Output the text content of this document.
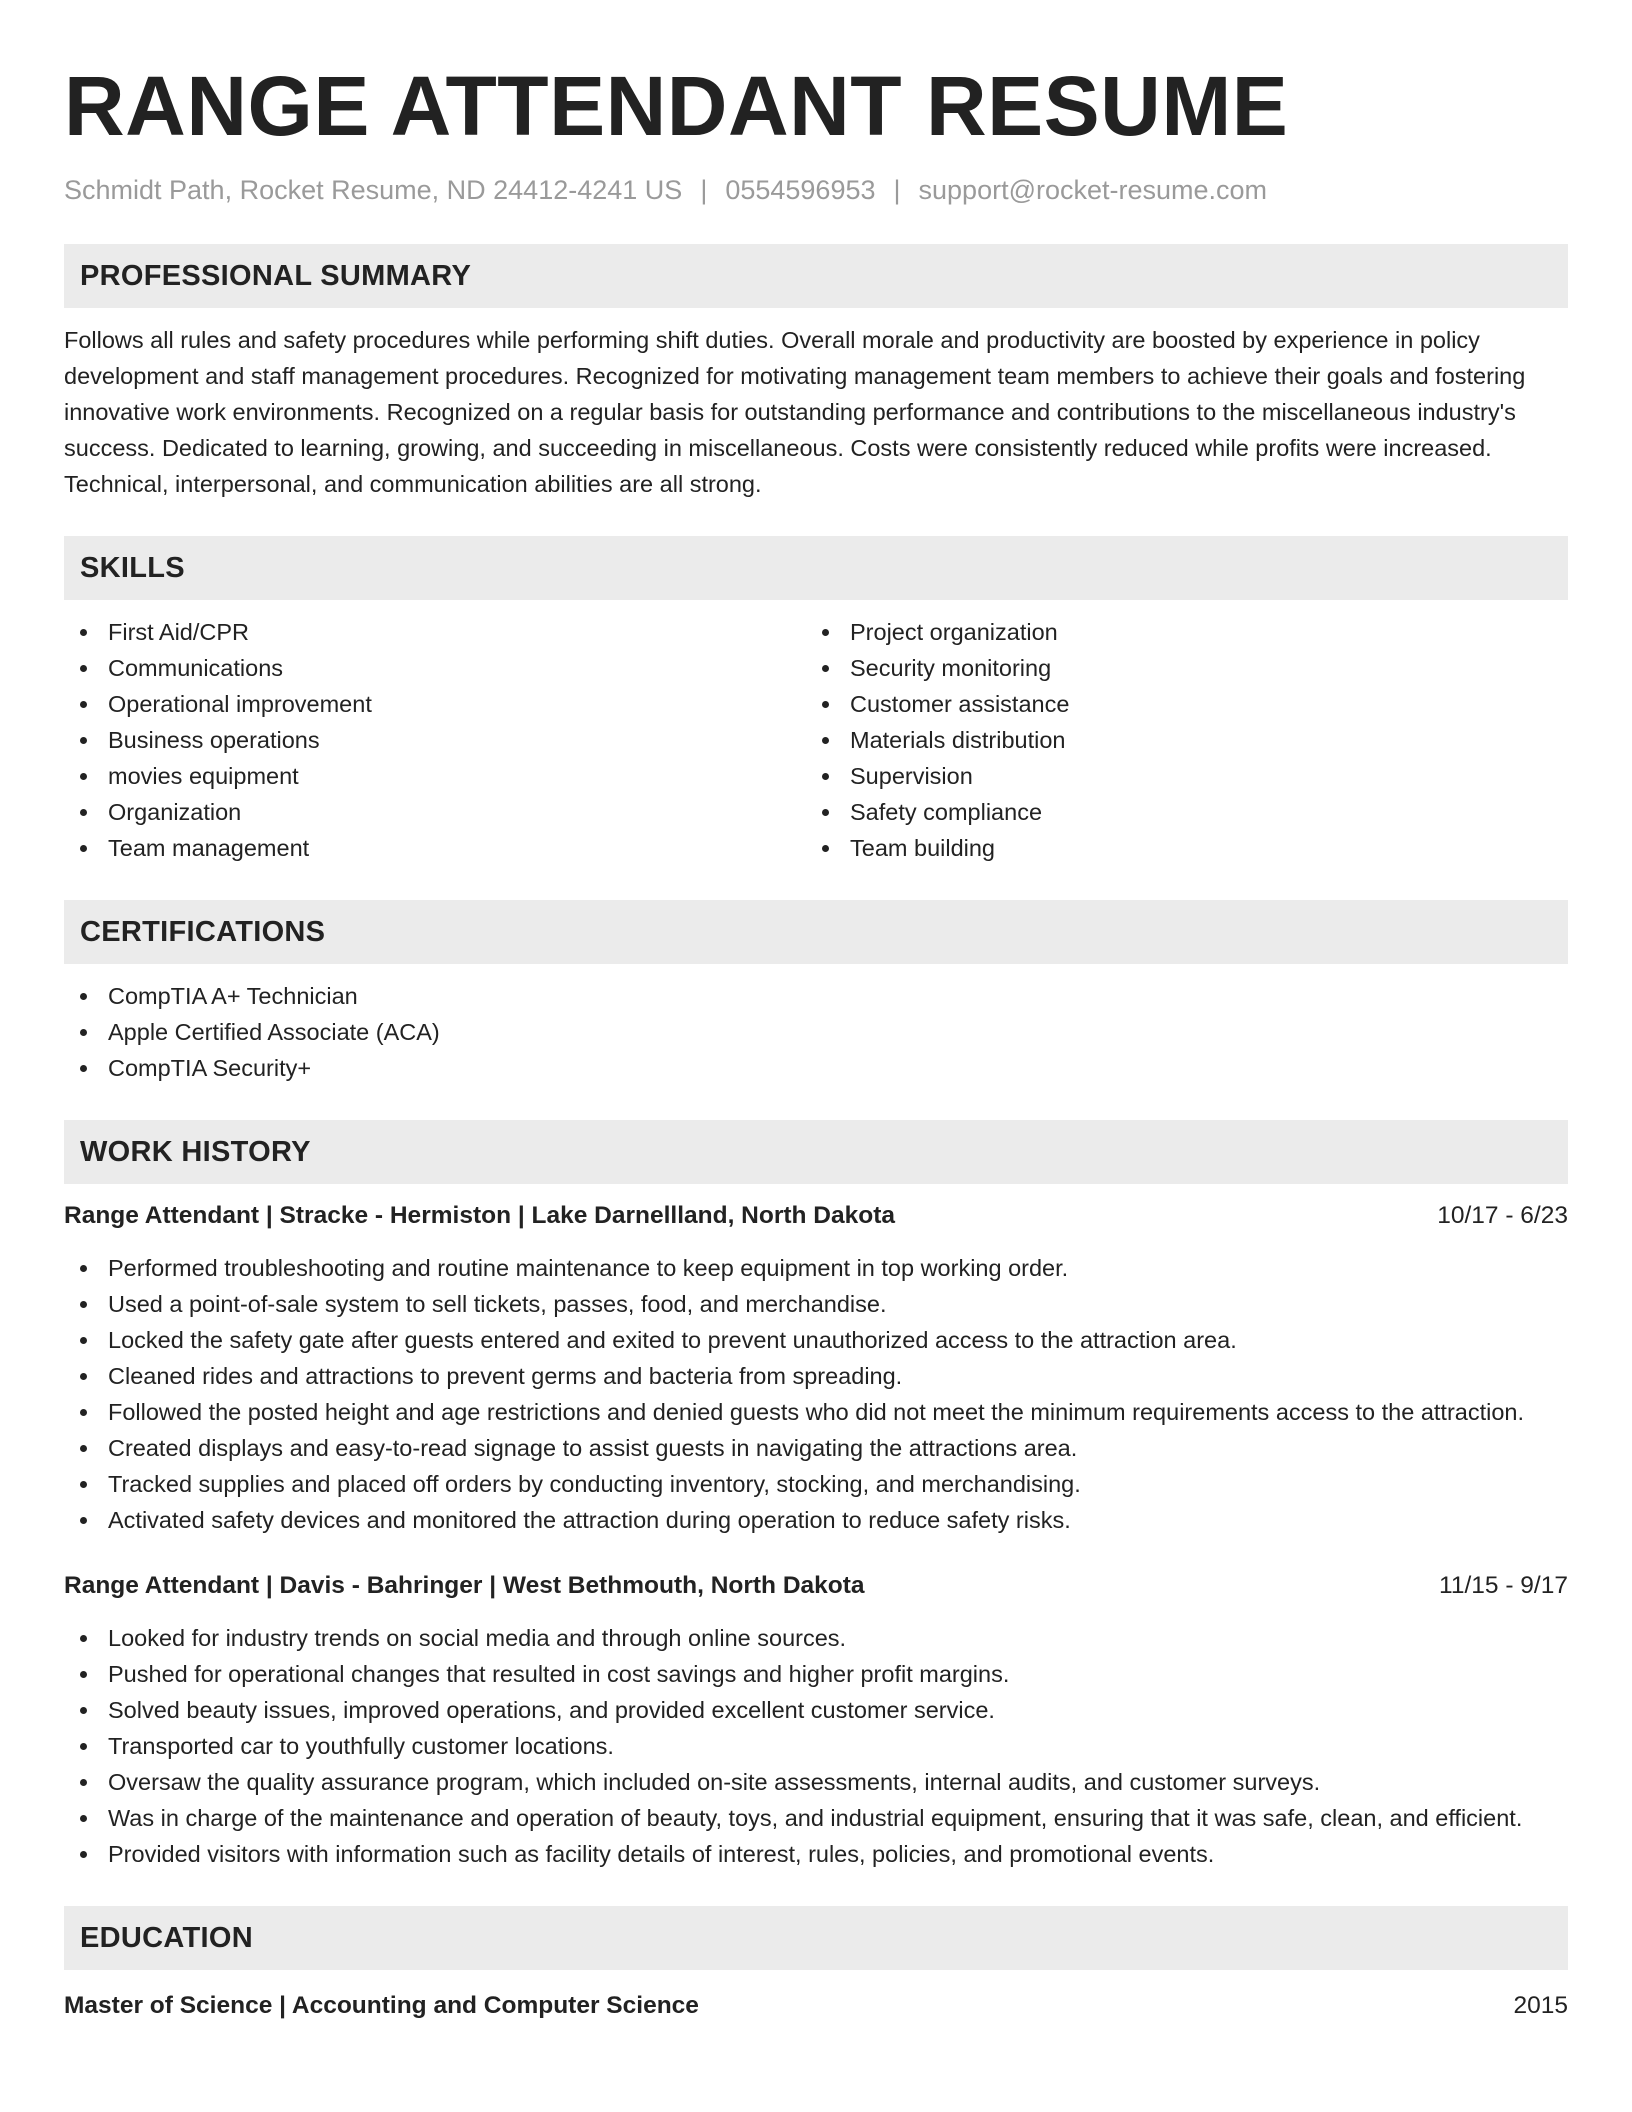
RANGE ATTENDANT RESUME
Schmidt Path, Rocket Resume, ND 24412-4241 US | 0554596953 | support@rocket-resume.com
PROFESSIONAL SUMMARY
Follows all rules and safety procedures while performing shift duties. Overall morale and productivity are boosted by experience in policy development and staff management procedures. Recognized for motivating management team members to achieve their goals and fostering innovative work environments. Recognized on a regular basis for outstanding performance and contributions to the miscellaneous industry's success. Dedicated to learning, growing, and succeeding in miscellaneous. Costs were consistently reduced while profits were increased. Technical, interpersonal, and communication abilities are all strong.
SKILLS
First Aid/CPR
Communications
Operational improvement
Business operations
movies equipment
Organization
Team management
Project organization
Security monitoring
Customer assistance
Materials distribution
Supervision
Safety compliance
Team building
CERTIFICATIONS
CompTIA A+ Technician
Apple Certified Associate (ACA)
CompTIA Security+
WORK HISTORY
Range Attendant | Stracke - Hermiston | Lake Darnellland, North Dakota	10/17 - 6/23
Performed troubleshooting and routine maintenance to keep equipment in top working order.
Used a point-of-sale system to sell tickets, passes, food, and merchandise.
Locked the safety gate after guests entered and exited to prevent unauthorized access to the attraction area.
Cleaned rides and attractions to prevent germs and bacteria from spreading.
Followed the posted height and age restrictions and denied guests who did not meet the minimum requirements access to the attraction.
Created displays and easy-to-read signage to assist guests in navigating the attractions area.
Tracked supplies and placed off orders by conducting inventory, stocking, and merchandising.
Activated safety devices and monitored the attraction during operation to reduce safety risks.
Range Attendant | Davis - Bahringer | West Bethmouth, North Dakota	11/15 - 9/17
Looked for industry trends on social media and through online sources.
Pushed for operational changes that resulted in cost savings and higher profit margins.
Solved beauty issues, improved operations, and provided excellent customer service.
Transported car to youthfully customer locations.
Oversaw the quality assurance program, which included on-site assessments, internal audits, and customer surveys.
Was in charge of the maintenance and operation of beauty, toys, and industrial equipment, ensuring that it was safe, clean, and efficient.
Provided visitors with information such as facility details of interest, rules, policies, and promotional events.
EDUCATION
Master of Science | Accounting and Computer Science	2015
